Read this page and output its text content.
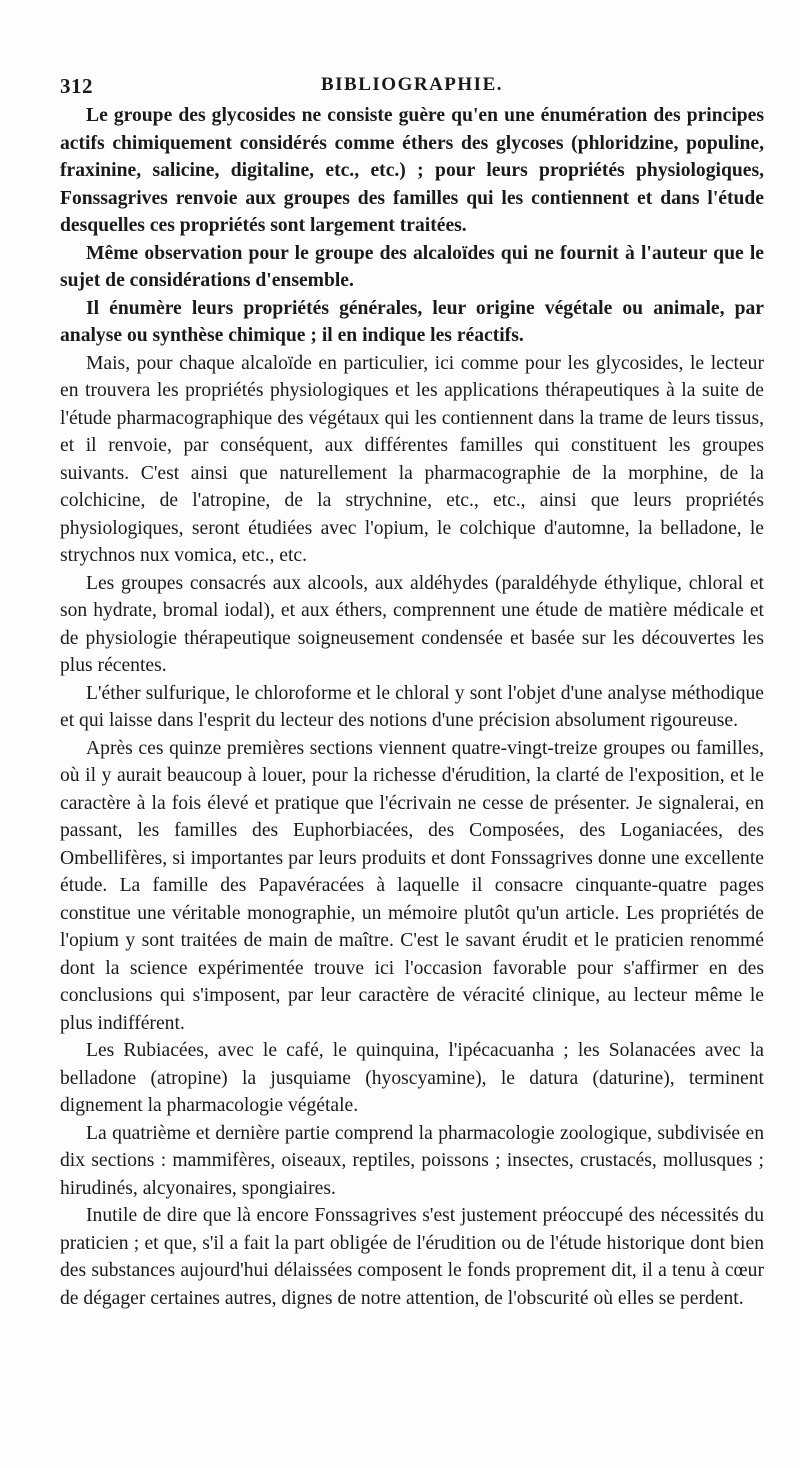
312	BIBLIOGRAPHIE.

Le groupe des glycosides ne consiste guère qu'en une énumération des principes actifs chimiquement considérés comme éthers des glycoses (phloridzine, populine, fraxinine, salicine, digitaline, etc., etc.) ; pour leurs propriétés physiologiques, Fonssagrives renvoie aux groupes des familles qui les contiennent et dans l'étude desquelles ces propriétés sont largement traitées.

Même observation pour le groupe des alcaloïdes qui ne fournit à l'auteur que le sujet de considérations d'ensemble.

Il énumère leurs propriétés générales, leur origine végétale ou animale, par analyse ou synthèse chimique ; il en indique les réactifs.

Mais, pour chaque alcaloïde en particulier, ici comme pour les glycosides, le lecteur en trouvera les propriétés physiologiques et les applications thérapeutiques à la suite de l'étude pharmacographique des végétaux qui les contiennent dans la trame de leurs tissus, et il renvoie, par conséquent, aux différentes familles qui constituent les groupes suivants. C'est ainsi que naturellement la pharmacographie de la morphine, de la colchicine, de l'atropine, de la strychnine, etc., etc., ainsi que leurs propriétés physiologiques, seront étudiées avec l'opium, le colchique d'automne, la belladone, le strychnos nux vomica, etc., etc.

Les groupes consacrés aux alcools, aux aldéhydes (paraldéhyde éthylique, chloral et son hydrate, bromal iodal), et aux éthers, comprennent une étude de matière médicale et de physiologie thérapeutique soigneusement condensée et basée sur les découvertes les plus récentes.

L'éther sulfurique, le chloroforme et le chloral y sont l'objet d'une analyse méthodique et qui laisse dans l'esprit du lecteur des notions d'une précision absolument rigoureuse.

Après ces quinze premières sections viennent quatre-vingt-treize groupes ou familles, où il y aurait beaucoup à louer, pour la richesse d'érudition, la clarté de l'exposition, et le caractère à la fois élevé et pratique que l'écrivain ne cesse de présenter. Je signalerai, en passant, les familles des Euphorbiacées, des Composées, des Loganiacées, des Ombellifères, si importantes par leurs produits et dont Fonssagrives donne une excellente étude. La famille des Papavéracées à laquelle il consacre cinquante-quatre pages constitue une véritable monographie, un mémoire plutôt qu'un article. Les propriétés de l'opium y sont traitées de main de maître. C'est le savant érudit et le praticien renommé dont la science expérimentée trouve ici l'occasion favorable pour s'affirmer en des conclusions qui s'imposent, par leur caractère de véracité clinique, au lecteur même le plus indifférent.

Les Rubiacées, avec le café, le quinquina, l'ipécacuanha ; les Solanacées avec la belladone (atropine) la jusquiame (hyoscyamine), le datura (daturine), terminent dignement la pharmacologie végétale.

La quatrième et dernière partie comprend la pharmacologie zoologique, subdivisée en dix sections : mammifères, oiseaux, reptiles, poissons ; insectes, crustacés, mollusques ; hirudinés, alcyonaires, spongiaires.

Inutile de dire que là encore Fonssagrives s'est justement préoccupé des nécessités du praticien ; et que, s'il a fait la part obligée de l'érudition ou de l'étude historique dont bien des substances aujourd'hui délaissées composent le fonds proprement dit, il a tenu à cœur de dégager certaines autres, dignes de notre attention, de l'obscurité où elles se perdent.
